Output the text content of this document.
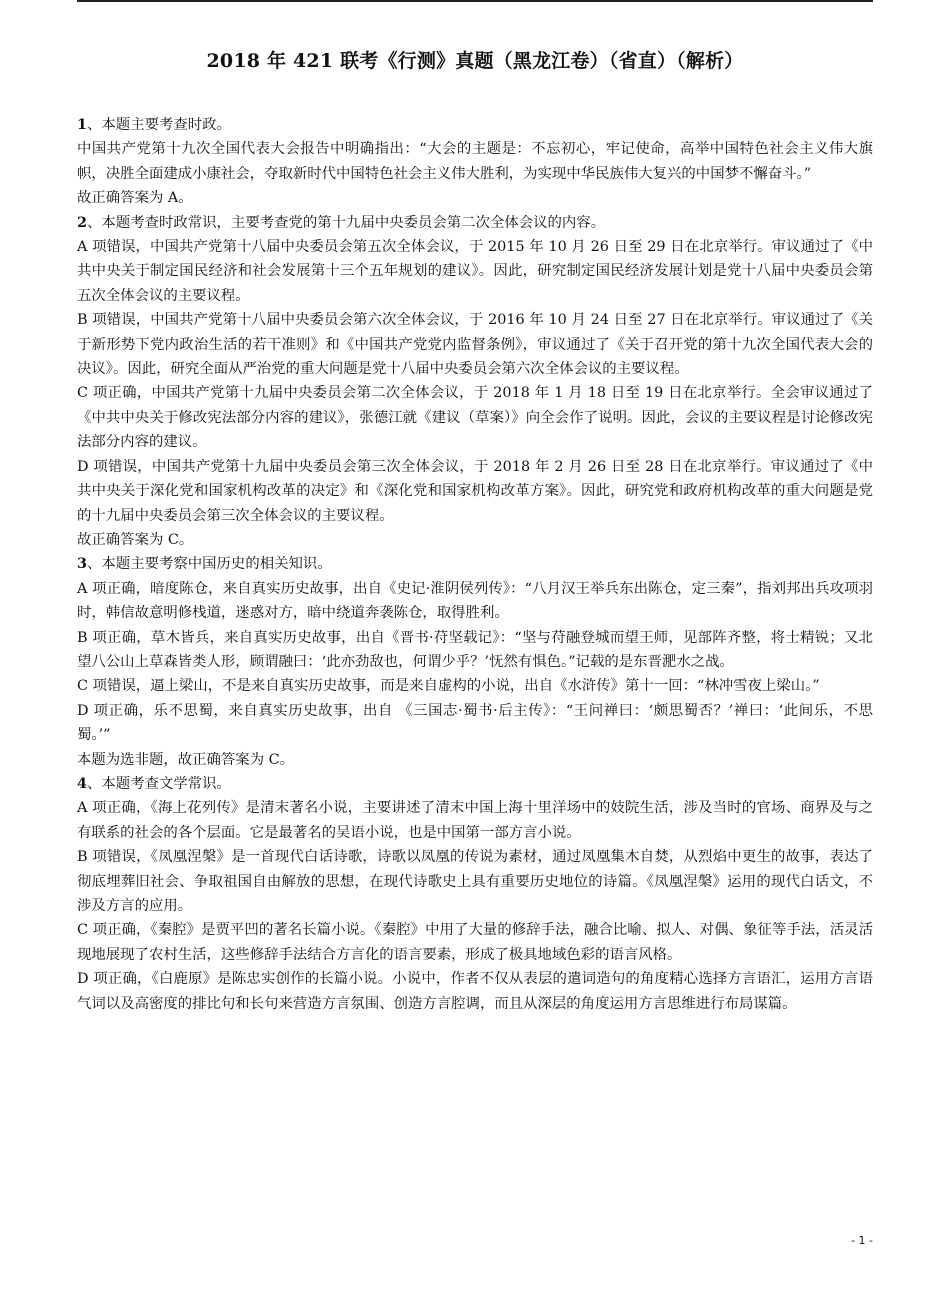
2018 年 421 联考《行测》真题（黑龙江卷）（省直）（解析）

1、本题主要考查时政。

中国共产党第十九次全国代表大会报告中明确指出：“大会的主题是：不忘初心，牢记使命，高举中国特色社会主义伟大旗帜，决胜全面建成小康社会，夺取新时代中国特色社会主义伟大胜利，为实现中华民族伟大复兴的中国梦不懈奋斗。”

故正确答案为 A。

2、本题考查时政常识，主要考查党的第十九届中央委员会第二次全体会议的内容。

A 项错误，中国共产党第十八届中央委员会第五次全体会议，于 2015 年 10 月 26 日至 29 日在北京举行。审议通过了《中共中央关于制定国民经济和社会发展第十三个五年规划的建议》。因此，研究制定国民经济发展计划是党十八届中央委员会第五次全体会议的主要议程。

B 项错误，中国共产党第十八届中央委员会第六次全体会议，于 2016 年 10 月 24 日至 27 日在北京举行。审议通过了《关于新形势下党内政治生活的若干准则》和《中国共产党党内监督条例》，审议通过了《关于召开党的第十九次全国代表大会的决议》。因此，研究全面从严治党的重大问题是党十八届中央委员会第六次全体会议的主要议程。

C 项正确，中国共产党第十九届中央委员会第二次全体会议，于 2018 年 1 月 18 日至 19 日在北京举行。全会审议通过了《中共中央关于修改宪法部分内容的建议》，张德江就《建议（草案）》向全会作了说明。因此，会议的主要议程是讨论修改宪法部分内容的建议。

D 项错误，中国共产党第十九届中央委员会第三次全体会议，于 2018 年 2 月 26 日至 28 日在北京举行。审议通过了《中共中央关于深化党和国家机构改革的决定》和《深化党和国家机构改革方案》。因此，研究党和政府机构改革的重大问题是党的十九届中央委员会第三次全体会议的主要议程。

故正确答案为 C。

3、本题主要考察中国历史的相关知识。

A 项正确，暗度陈仓，来自真实历史故事，出自《史记·淮阴侯列传》：“八月汉王举兵东出陈仓，定三秦”，指刘邦出兵攻项羽时，韩信故意明修栈道，迷惑对方，暗中绕道奔袭陈仓，取得胜利。

B 项正确，草木皆兵，来自真实历史故事，出自《晋书·苻坚载记》：“坚与苻融登城而望王师，见部阵齐整，将士精锐；又北望八公山上草森皆类人形，顾谓融曰：‘此亦劲敌也，何谓少乎？’怃然有惧色。”记载的是东晋淝水之战。

C 项错误，逼上梁山，不是来自真实历史故事，而是来自虚构的小说，出自《水浒传》第十一回：“林冲雪夜上梁山。”

D 项正确，乐不思蜀，来自真实历史故事，出自 《三国志·蜀书·后主传》：“王问禅曰：‘颇思蜀否？’禅曰：‘此间乐，不思蜀。’”

本题为选非题，故正确答案为 C。

4、本题考查文学常识。

A 项正确，《海上花列传》是清末著名小说，主要讲述了清末中国上海十里洋场中的妓院生活，涉及当时的官场、商界及与之有联系的社会的各个层面。它是最著名的吴语小说，也是中国第一部方言小说。

B 项错误，《凤凰涅槃》是一首现代白话诗歌，诗歌以凤凰的传说为素材，通过凤凰集木自焚，从烈焰中更生的故事，表达了彻底埋葬旧社会、争取祖国自由解放的思想，在现代诗歌史上具有重要历史地位的诗篇。《凤凰涅槃》运用的现代白话文，不涉及方言的应用。

C 项正确，《秦腔》是贾平凹的著名长篇小说。《秦腔》中用了大量的修辞手法，融合比喻、拟人、对偶、象征等手法，活灵活现地展现了农村生活，这些修辞手法结合方言化的语言要素，形成了极具地域色彩的语言风格。

D 项正确，《白鹿原》是陈忠实创作的长篇小说。小说中，作者不仅从表层的遣词造句的角度精心选择方言语汇，运用方言语气词以及高密度的排比句和长句来营造方言氛围、创造方言腔调，而且从深层的角度运用方言思维进行布局谋篇。

- 1 -
